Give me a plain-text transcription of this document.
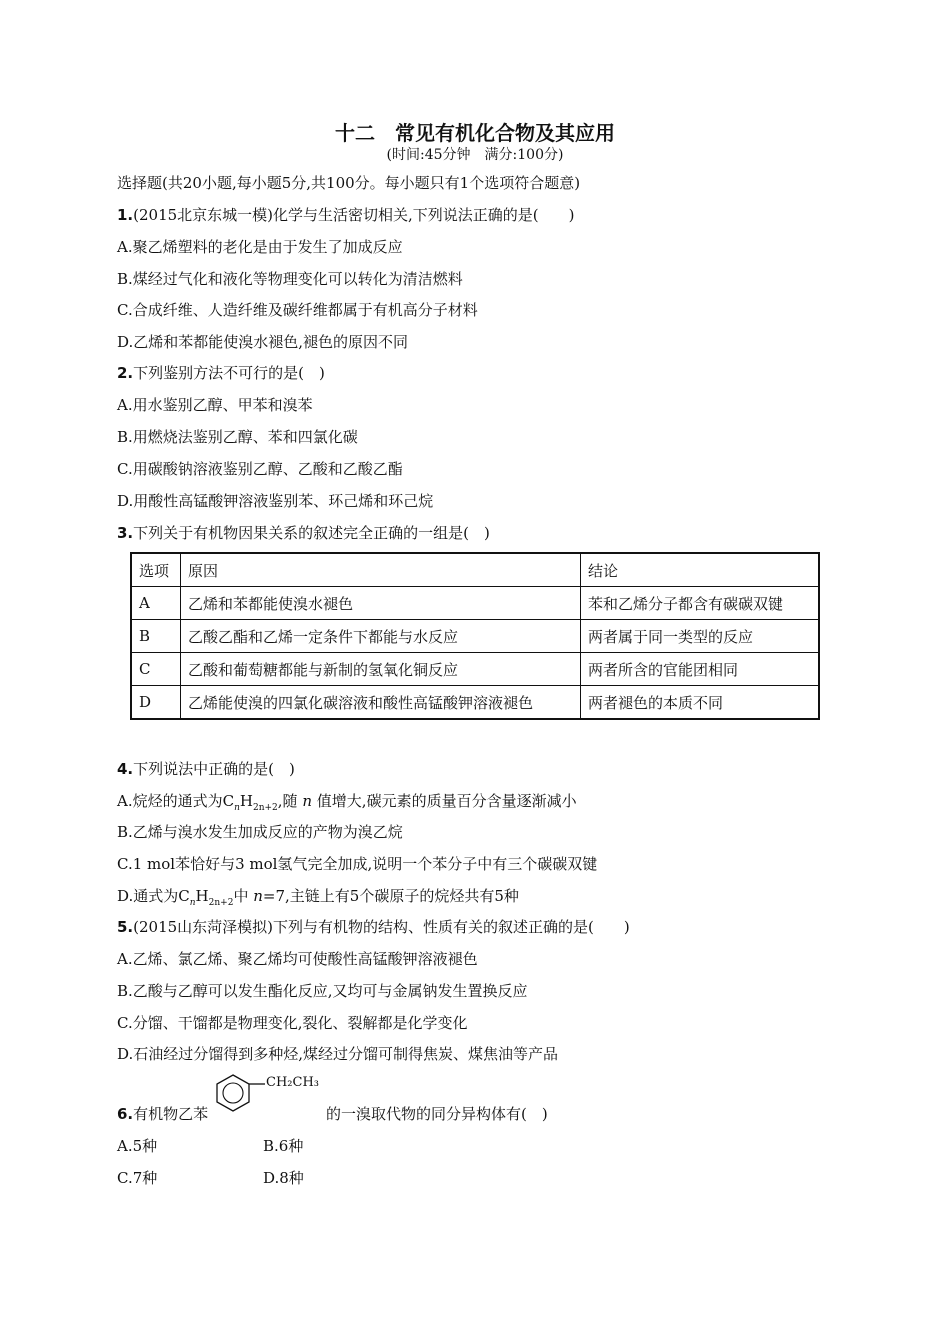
十二　常见有机化合物及其应用
(时间:45分钟　满分:100分)
选择题(共20小题,每小题5分,共100分。每小题只有1个选项符合题意)
1.(2015北京东城一模)化学与生活密切相关,下列说法正确的是(　　)
A.聚乙烯塑料的老化是由于发生了加成反应
B.煤经过气化和液化等物理变化可以转化为清洁燃料
C.合成纤维、人造纤维及碳纤维都属于有机高分子材料
D.乙烯和苯都能使溴水褪色,褪色的原因不同
2.下列鉴别方法不可行的是(　)
A.用水鉴别乙醇、甲苯和溴苯
B.用燃烧法鉴别乙醇、苯和四氯化碳
C.用碳酸钠溶液鉴别乙醇、乙酸和乙酸乙酯
D.用酸性高锰酸钾溶液鉴别苯、环己烯和环己烷
3.下列关于有机物因果关系的叙述完全正确的一组是(　)
选项	原因	结论
A	乙烯和苯都能使溴水褪色	苯和乙烯分子都含有碳碳双键
B	乙酸乙酯和乙烯一定条件下都能与水反应	两者属于同一类型的反应
C	乙酸和葡萄糖都能与新制的氢氧化铜反应	两者所含的官能团相同
D	乙烯能使溴的四氯化碳溶液和酸性高锰酸钾溶液褪色	两者褪色的本质不同
4.下列说法中正确的是(　)
A.烷烃的通式为$C_nH_{2n+2}$,随 n 值增大,碳元素的质量百分含量逐渐减小
B.乙烯与溴水发生加成反应的产物为溴乙烷
C.1 mol苯恰好与3 mol氢气完全加成,说明一个苯分子中有三个碳碳双键
D.通式为$C_nH_{2n+2}$中 n=7,主链上有5个碳原子的烷烃共有5种
5.(2015山东菏泽模拟)下列与有机物的结构、性质有关的叙述正确的是(　　)
A.乙烯、氯乙烯、聚乙烯均可使酸性高锰酸钾溶液褪色
B.乙酸与乙醇可以发生酯化反应,又均可与金属钠发生置换反应
C.分馏、干馏都是物理变化,裂化、裂解都是化学变化
D.石油经过分馏得到多种烃,煤经过分馏可制得焦炭、煤焦油等产品
6.有机物乙苯
CH₂CH₃
的一溴取代物的同分异构体有(　)
A.5种	B.6种
C.7种	D.8种
